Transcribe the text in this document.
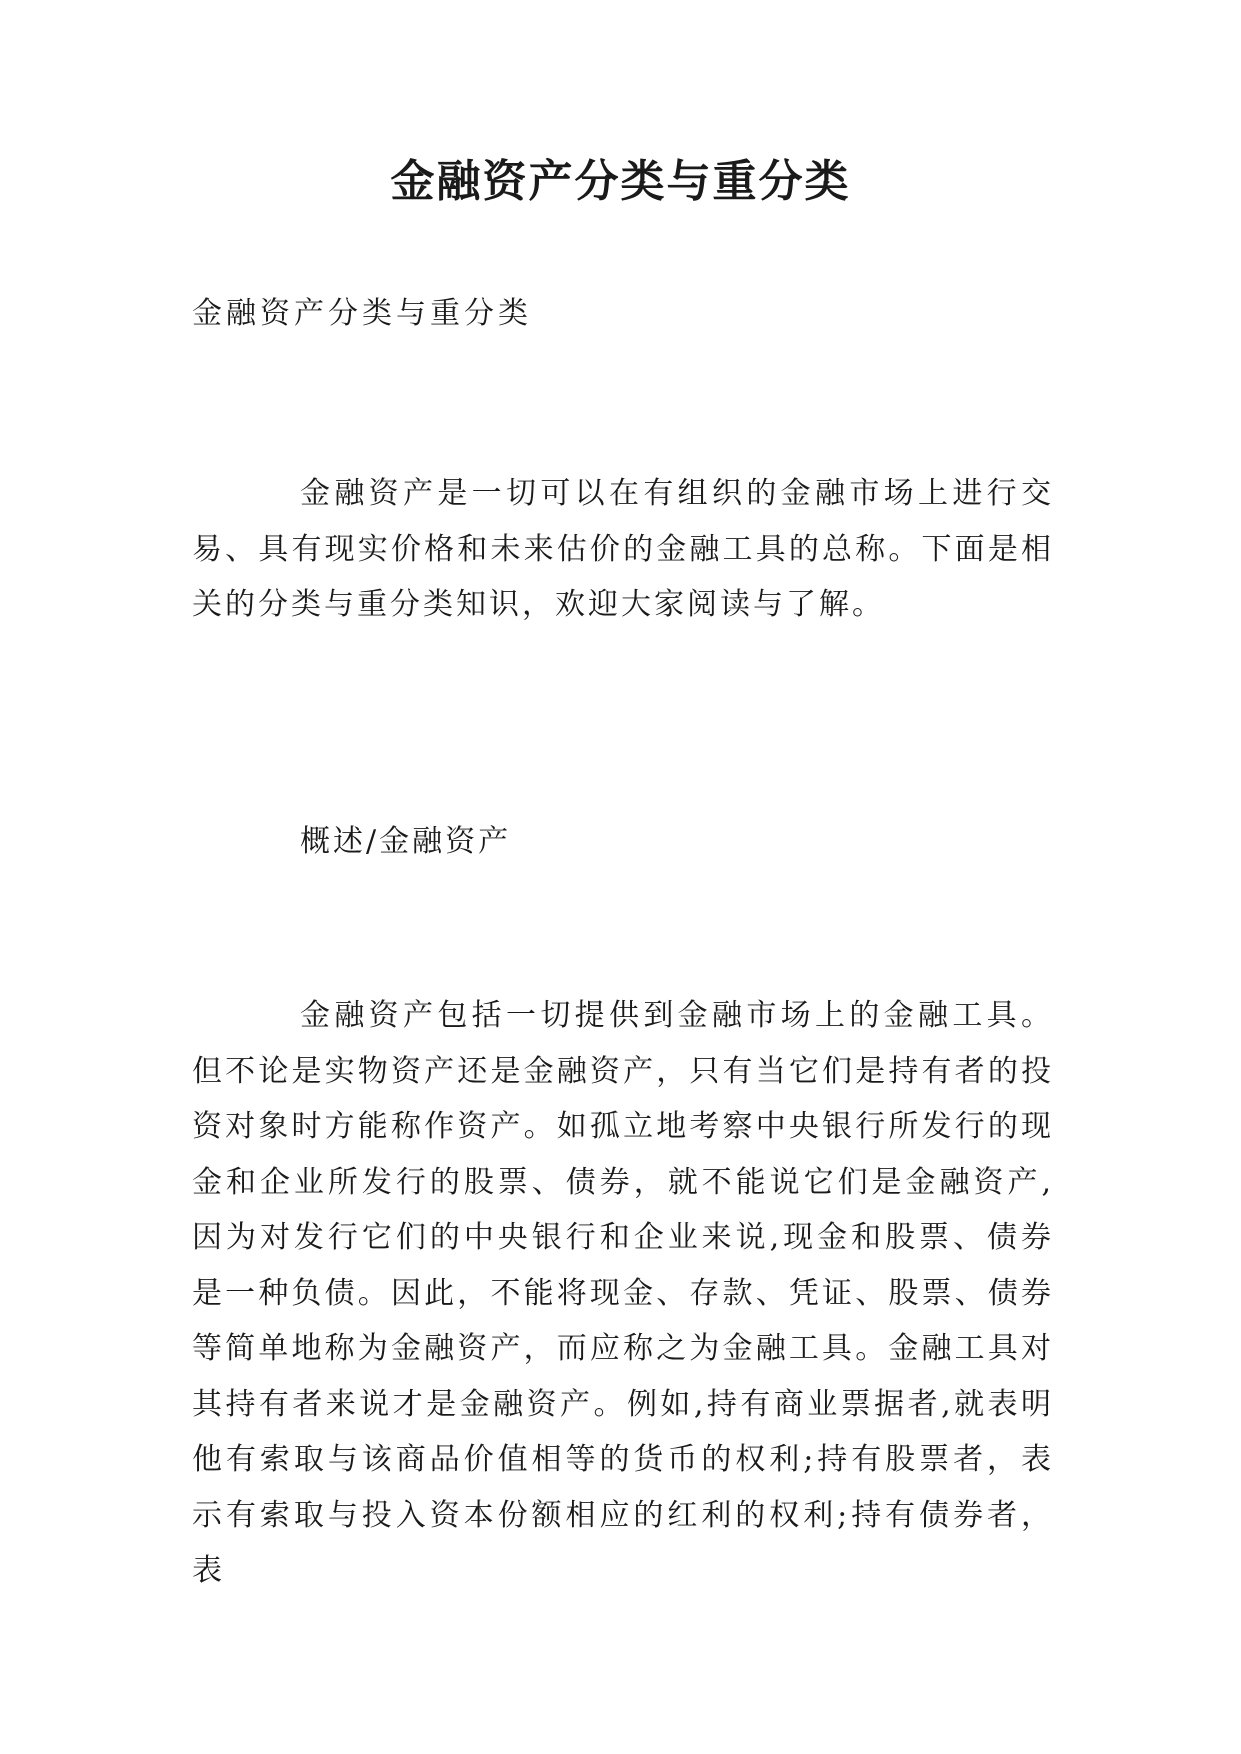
金融资产分类与重分类

金融资产分类与重分类

金融资产是一切可以在有组织的金融市场上进行交易、具有现实价格和未来估价的金融工具的总称。下面是相关的分类与重分类知识，欢迎大家阅读与了解。

概述/金融资产

金融资产包括一切提供到金融市场上的金融工具。但不论是实物资产还是金融资产，只有当它们是持有者的投资对象时方能称作资产。如孤立地考察中央银行所发行的现金和企业所发行的股票、债券，就不能说它们是金融资产,因为对发行它们的中央银行和企业来说,现金和股票、债券是一种负债。因此，不能将现金、存款、凭证、股票、债券等简单地称为金融资产，而应称之为金融工具。金融工具对其持有者来说才是金融资产。例如,持有商业票据者,就表明他有索取与该商品价值相等的货币的权利;持有股票者，表示有索取与投入资本份额相应的红利的权利;持有债券者，表
